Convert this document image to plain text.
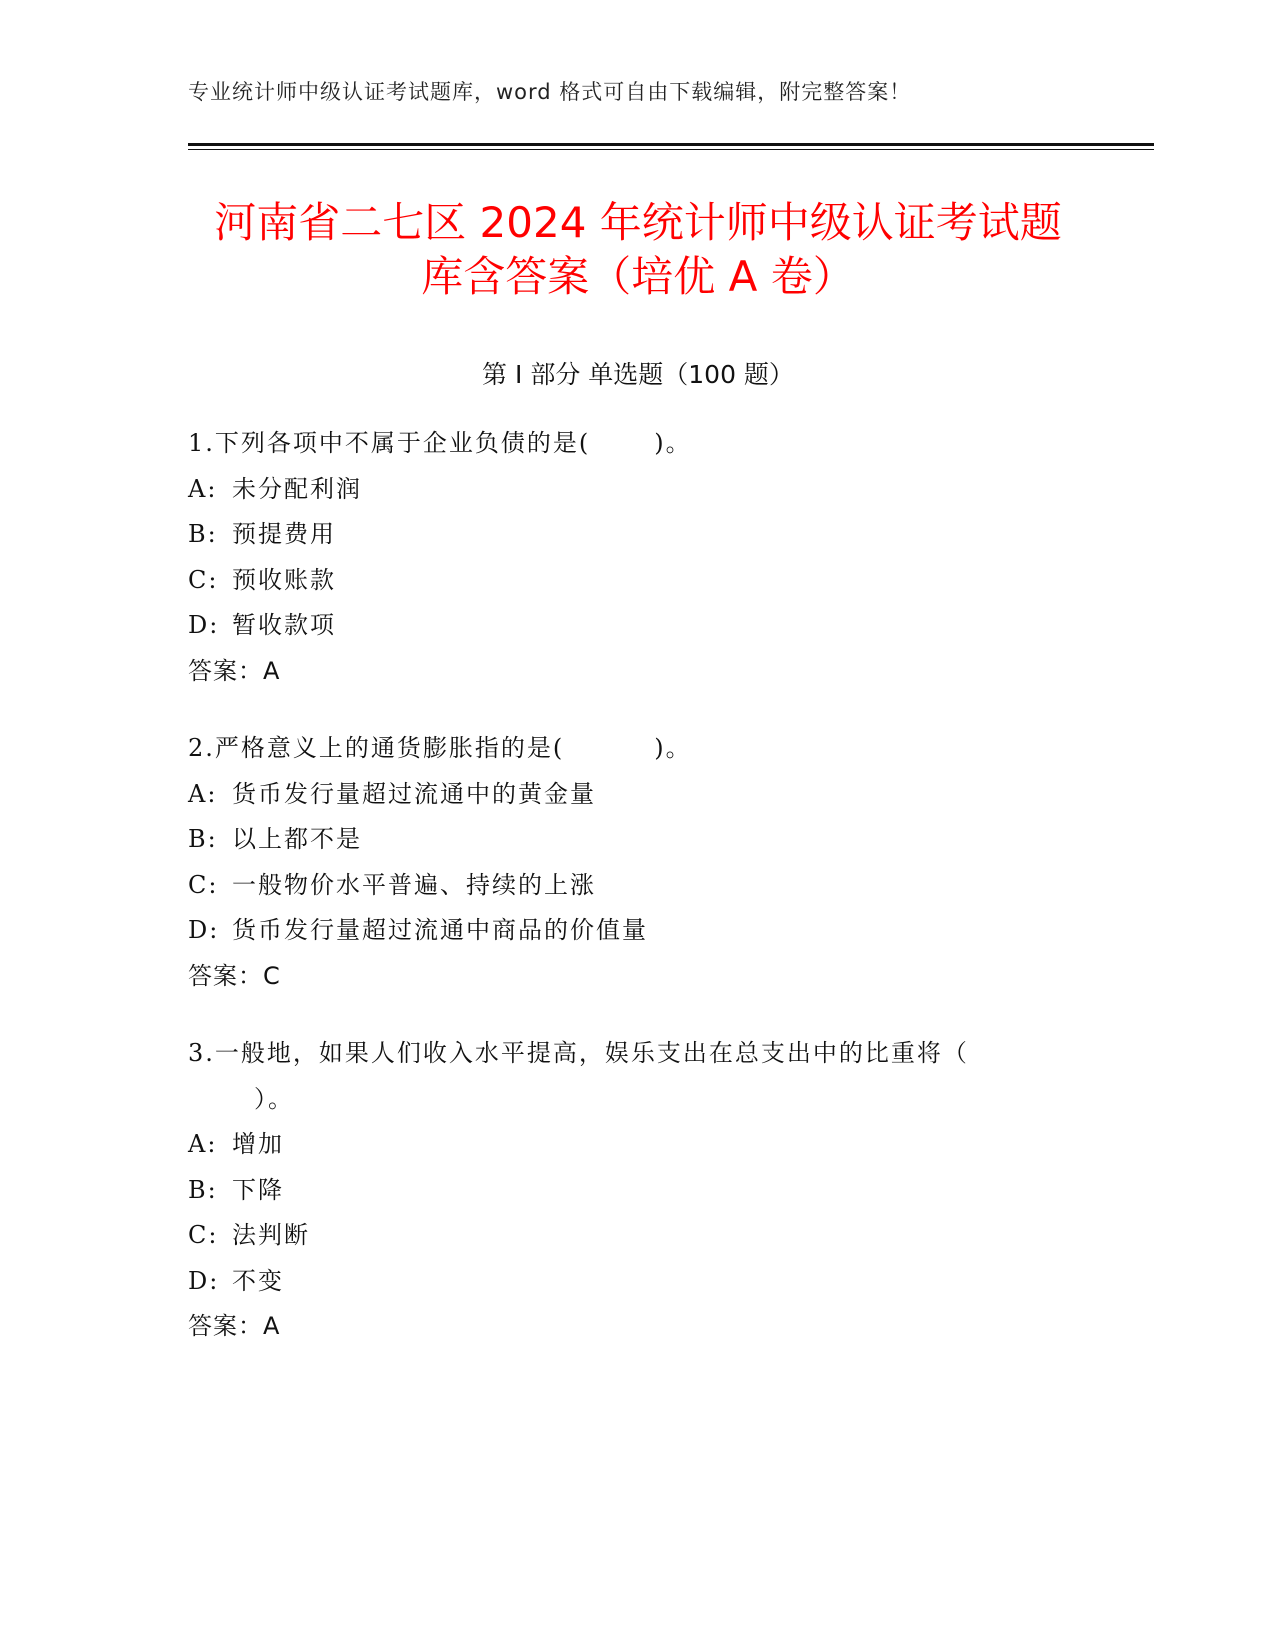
专业统计师中级认证考试题库，word 格式可自由下载编辑，附完整答案！
河南省二七区 2024 年统计师中级认证考试题
库含答案（培优 A 卷）
第 I 部分 单选题（100 题）
1.下列各项中不属于企业负债的是(	)。
A: 未分配利润
B: 预提费用
C: 预收账款
D: 暂收款项
答案：A
2.严格意义上的通货膨胀指的是(	)。
A: 货币发行量超过流通中的黄金量
B: 以上都不是
C: 一般物价水平普遍、持续的上涨
D: 货币发行量超过流通中商品的价值量
答案：C
3.一般地，如果人们收入水平提高，娱乐支出在总支出中的比重将（
）。
A: 增加
B: 下降
C: 法判断
D: 不变
答案：A
